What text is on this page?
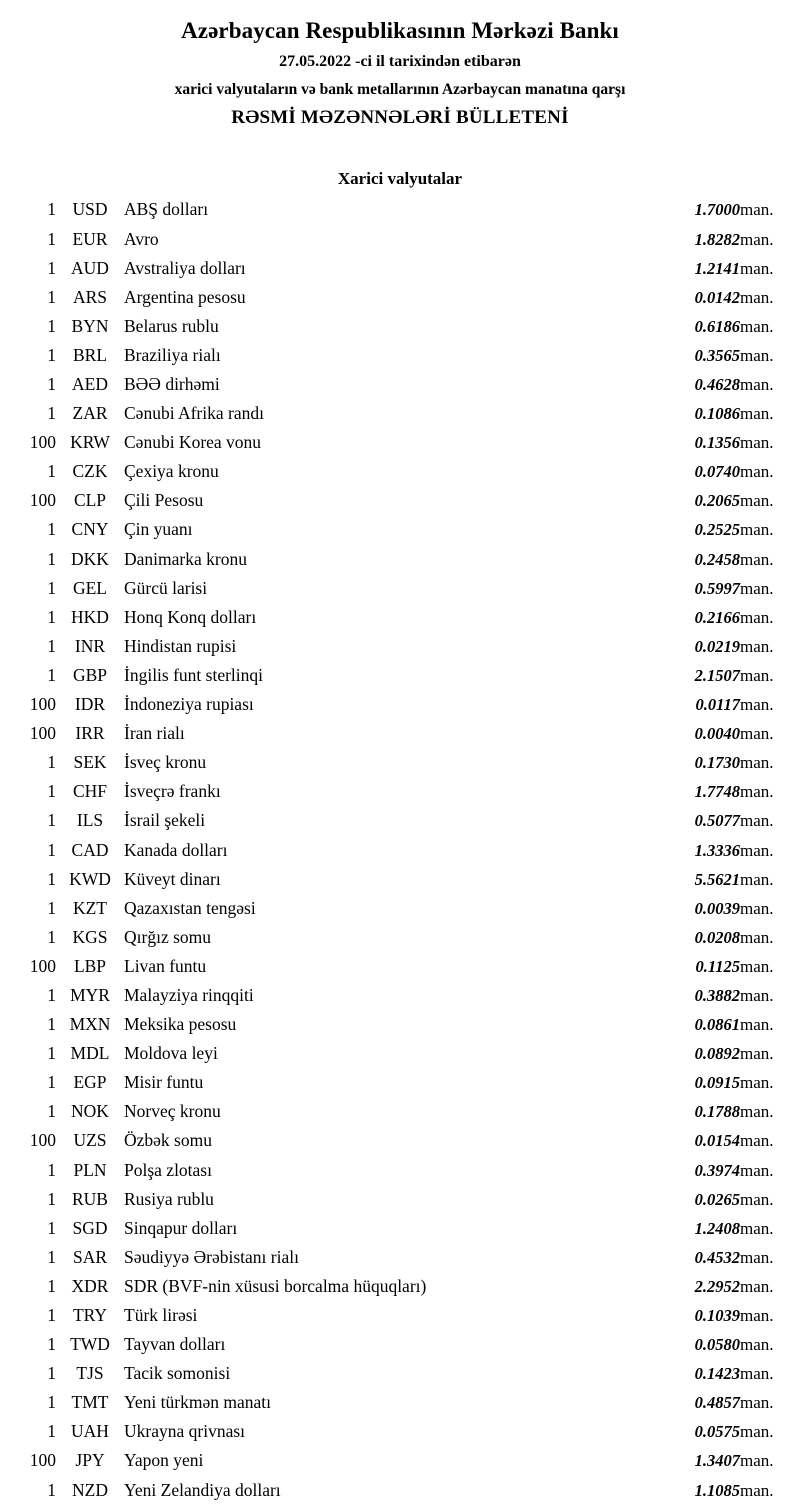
Azərbaycan Respublikasının Mərkəzi Bankı
27.05.2022 -ci il tarixindən etibarən
xarici valyutaların və bank metallarının Azərbaycan manatına qarşı
RƏSMİ MƏZƏNNƏLƏRİ BÜLLETENİ
Xarici valyutalar
1	USD	ABŞ dolları	1.7000	man.
1	EUR	Avro	1.8282	man.
1	AUD	Avstraliya dolları	1.2141	man.
1	ARS	Argentina pesosu	0.0142	man.
1	BYN	Belarus rublu	0.6186	man.
1	BRL	Braziliya rialı	0.3565	man.
1	AED	BƏƏ dirhəmi	0.4628	man.
1	ZAR	Cənubi Afrika randı	0.1086	man.
100	KRW	Cənubi Korea vonu	0.1356	man.
1	CZK	Çexiya kronu	0.0740	man.
100	CLP	Çili Pesosu	0.2065	man.
1	CNY	Çin yuanı	0.2525	man.
1	DKK	Danimarka kronu	0.2458	man.
1	GEL	Gürcü larisi	0.5997	man.
1	HKD	Honq Konq dolları	0.2166	man.
1	INR	Hindistan rupisi	0.0219	man.
1	GBP	İngilis funt sterlinqi	2.1507	man.
100	IDR	İndoneziya rupiası	0.0117	man.
100	IRR	İran rialı	0.0040	man.
1	SEK	İsveç kronu	0.1730	man.
1	CHF	İsveçrə frankı	1.7748	man.
1	ILS	İsrail şekeli	0.5077	man.
1	CAD	Kanada dolları	1.3336	man.
1	KWD	Küveyt dinarı	5.5621	man.
1	KZT	Qazaxıstan tengəsi	0.0039	man.
1	KGS	Qırğız somu	0.0208	man.
100	LBP	Livan funtu	0.1125	man.
1	MYR	Malayziya rinqqiti	0.3882	man.
1	MXN	Meksika pesosu	0.0861	man.
1	MDL	Moldova leyi	0.0892	man.
1	EGP	Misir funtu	0.0915	man.
1	NOK	Norveç kronu	0.1788	man.
100	UZS	Özbək somu	0.0154	man.
1	PLN	Polşa zlotası	0.3974	man.
1	RUB	Rusiya rublu	0.0265	man.
1	SGD	Sinqapur dolları	1.2408	man.
1	SAR	Səudiyyə Ərəbistanı rialı	0.4532	man.
1	XDR	SDR (BVF-nin xüsusi borcalma hüquqları)	2.2952	man.
1	TRY	Türk lirəsi	0.1039	man.
1	TWD	Tayvan dolları	0.0580	man.
1	TJS	Tacik somonisi	0.1423	man.
1	TMT	Yeni türkmən manatı	0.4857	man.
1	UAH	Ukrayna qrivnası	0.0575	man.
100	JPY	Yapon yeni	1.3407	man.
1	NZD	Yeni Zelandiya dolları	1.1085	man.
